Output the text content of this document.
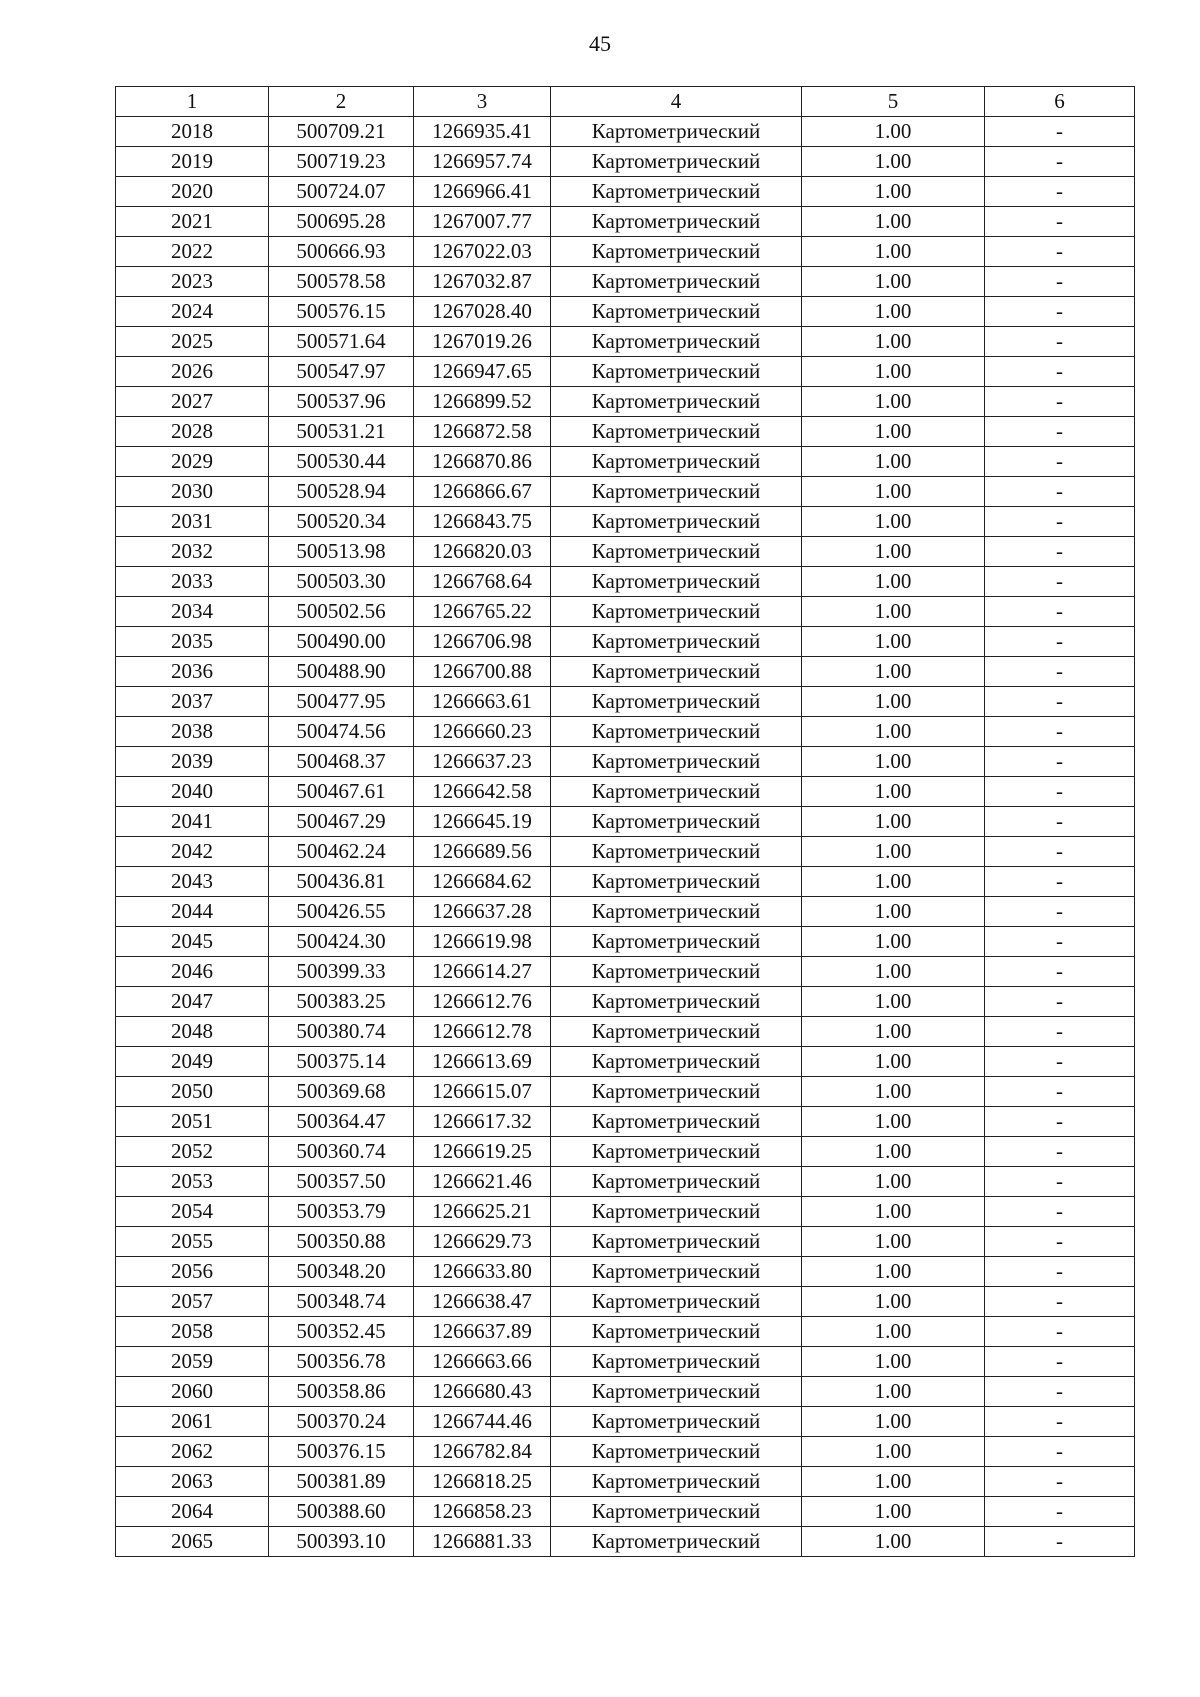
45
1	2	3	4	5	6
2018	500709.21	1266935.41	Картометрический	1.00	-
2019	500719.23	1266957.74	Картометрический	1.00	-
2020	500724.07	1266966.41	Картометрический	1.00	-
2021	500695.28	1267007.77	Картометрический	1.00	-
2022	500666.93	1267022.03	Картометрический	1.00	-
2023	500578.58	1267032.87	Картометрический	1.00	-
2024	500576.15	1267028.40	Картометрический	1.00	-
2025	500571.64	1267019.26	Картометрический	1.00	-
2026	500547.97	1266947.65	Картометрический	1.00	-
2027	500537.96	1266899.52	Картометрический	1.00	-
2028	500531.21	1266872.58	Картометрический	1.00	-
2029	500530.44	1266870.86	Картометрический	1.00	-
2030	500528.94	1266866.67	Картометрический	1.00	-
2031	500520.34	1266843.75	Картометрический	1.00	-
2032	500513.98	1266820.03	Картометрический	1.00	-
2033	500503.30	1266768.64	Картометрический	1.00	-
2034	500502.56	1266765.22	Картометрический	1.00	-
2035	500490.00	1266706.98	Картометрический	1.00	-
2036	500488.90	1266700.88	Картометрический	1.00	-
2037	500477.95	1266663.61	Картометрический	1.00	-
2038	500474.56	1266660.23	Картометрический	1.00	-
2039	500468.37	1266637.23	Картометрический	1.00	-
2040	500467.61	1266642.58	Картометрический	1.00	-
2041	500467.29	1266645.19	Картометрический	1.00	-
2042	500462.24	1266689.56	Картометрический	1.00	-
2043	500436.81	1266684.62	Картометрический	1.00	-
2044	500426.55	1266637.28	Картометрический	1.00	-
2045	500424.30	1266619.98	Картометрический	1.00	-
2046	500399.33	1266614.27	Картометрический	1.00	-
2047	500383.25	1266612.76	Картометрический	1.00	-
2048	500380.74	1266612.78	Картометрический	1.00	-
2049	500375.14	1266613.69	Картометрический	1.00	-
2050	500369.68	1266615.07	Картометрический	1.00	-
2051	500364.47	1266617.32	Картометрический	1.00	-
2052	500360.74	1266619.25	Картометрический	1.00	-
2053	500357.50	1266621.46	Картометрический	1.00	-
2054	500353.79	1266625.21	Картометрический	1.00	-
2055	500350.88	1266629.73	Картометрический	1.00	-
2056	500348.20	1266633.80	Картометрический	1.00	-
2057	500348.74	1266638.47	Картометрический	1.00	-
2058	500352.45	1266637.89	Картометрический	1.00	-
2059	500356.78	1266663.66	Картометрический	1.00	-
2060	500358.86	1266680.43	Картометрический	1.00	-
2061	500370.24	1266744.46	Картометрический	1.00	-
2062	500376.15	1266782.84	Картометрический	1.00	-
2063	500381.89	1266818.25	Картометрический	1.00	-
2064	500388.60	1266858.23	Картометрический	1.00	-
2065	500393.10	1266881.33	Картометрический	1.00	-
